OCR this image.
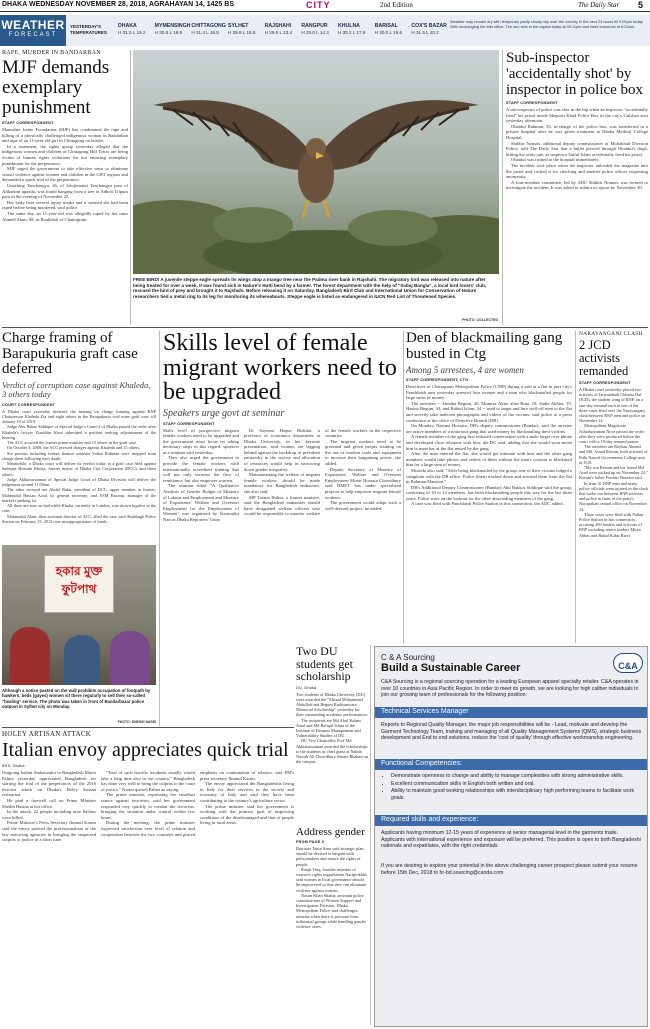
DHAKA WEDNESDAY NOVEMBER 28, 2018, AGRAHAYAN 14, 1425 BS	CITY	2nd Edition	The Daily Star 5
WEATHER
FORECAST
YESTERDAY'S TEMPERATURES
DHAKA
H 31.5 L 19.2
MYMENSINGH
H 30.8 L 16.6
CHITTAGONG
H 31.4 L 18.5
SYLHET
H 29.8 L 15.5
RAJSHAHI
H 29.5 L 13.4
RANGPUR
H 29.0 L 14.3
KHULNA
H 30.2 L 17.9
BARISAL
H 30.0 L 16.6
COX'S BAZAR
H 31.5 L 20.2
Weather may remain dry with temporary partly cloudy sky over the country in the next 24 hours till 9.00pm today. With unchanging the Met office. The sun sets in the capital today at 05:11pm and rises tomorrow at 6:22am.
RAPE, MURDER IN BANDARBAN
MJF demands exemplary punishment
STAFF CORRESPONDENT

Manusher Jonno Foundation (MJF) has condemned the rape and killing of a physically challenged indigenous woman in Bandarban and rape of an 11-year-old girl in Chittagong on border.

In a statement, the rights group yesterday alleged that the indigenous women and children of Chittagong Hill Tracts are being victim of human rights violations for not ensuring exemplary punishment for the perpetrators.

MJF urged the government to take effective steps to eliminate sexual violence against women and children in the CHT regions and demanded a quick trial of the perpetrators.

Unaching Tanchangya, 26, of Jolojimonni Tanchangya para of Alikadom upazila, was found hanging from a tree in Adhoti Tripura para in the evening of November 25.

Her body bore several injury marks and it seemed she had been raped before being murdered, said police.

The same day, an 11-year-old was allegedly raped by her tutor Ahmed Alam, 68, in Boalkhali of Chattogram.

FREE BIRD! A juvenile steppe eagle spreads its wings atop a mango tree near the Padma river bank in Rajshahi. The migratory bird was released into nature after being treated for over a week. It was found sick in Nature's Hutti bend by a farmer. The forest department with the help of "Sabuj Bangla", a local bird lovers' club, rescued the bird of prey and brought it to Rajshahi. Before releasing it on Saturday, Bangladesh Bird Club and International Union for Conservation of Nature researchers tied a metal ring to its leg for monitoring its whereabouts. Steppe eagle is listed as endangered in IUCN Red List of Threatened Species.
PHOTO: COLLECTED
Sub-inspector 'accidentally shot' by inspector in police box
STAFF CORRESPONDENT

A sub-inspector of police was shot in the hip when an inspector "accidentally fired" his pistol inside Sheporit Khad Police Box in the city's Gulshan area yesterday afternoon.

Obaidul Rahman, 35, in-charge of the police box, was transferred to a private hospital after he was given treatment at Dhaka Medical College Hospital.

Shibbir Noman, additional deputy commissioner of Mohakhali Division Police, told The Daily Star that a bullet pierced through Obaidul's thigh, hitting the other one, as inspector Saiful Islam accidentally fired his pistol.

Obaidul was rushed to the hospital immediately.

The incident took place when the inspector unloaded the magazine into the pistol and cocked it for checking and another police officer requesting anonymity.

A four-member committee, led by ADC Shibbir Noman, was formed to investigate the incident. It was asked to submit its report by November 30.

Charge framing of Barapukuria graft case deferred
Verdict of corruption case against Khaleda, 3 others today
COURT CORRESPONDENT

A Dhaka court yesterday deferred the hearing on charge framing against BNP Chairperson Khaleda Zia and eight others in the Barapukuria coal mine graft case, till January 10 of 2019.

Judge Abu Bakar Siddique of Special Judge's Court-2 of Dhaka passed the order after Khaleda's lawyer Ziauddin Jilani submitted a petition seeking adjournment of the hearing.

The ACC accused the former prime minister and 15 others in the graft case.

On October 5, 2008, the ACC pressed charges against Khaleda and 15 others.

Six persons including former finance minister Saifur Rahman were dropped from charge sheet following their death.

Meanwhile, a Dhaka court will deliver its verdict today in a graft case filed against Sadeque Hossain Khoka, former mayor of Dhaka City Corporation (DCC), and three others.

Judge Akhtaruzzaman of Special Judge Court of Dhaka Division will deliver the judgement around 11:00am.

The other accused are Abdul Bakir, president of DCC, upper member in former; Mahmudul Hassan Azad, its general secretary; and ASM Enamur, manager of the market's parking lot.

All three are now on bail while Khoka, currently in London, was shown fugitive in the case.

Mahmudul Alam, then assistant director of ACC, filed the case with Shahbagh Police Station on February 15, 2012 over misappropriation of funds.

হকার মুক্ত ফুটপাথ
Although a notice pasted on the wall prohibits occupation of footpath by hawkers, beds (gayes) women sit there regularly to sell their so-called "healing" service. The photo was taken in front of Bandarbazar police outpost in Sylhet city on Monday.
PHOTO: SHEIKH NASIR
Skills level of female migrant workers need to be upgraded
Speakers urge govt at seminar
STAFF CORRESPONDENT

Skills level of prospective migrant female workers need to be upgraded and the government must focus on taking necessary steps in this regard, speakers at a seminar said yesterday.

They also urged the government to provide the female workers with internationally accredited training that will not only increase the flow of remittance, but also empower women.

The seminar titled "A Qualitative Analysis of Gender Budget of Ministry of Labour and Employment and Ministry of Expatriates' Welfare and Overseas Employment for the Employment of Women" was organised by Karmojibi Nari at Dhaka Reporters' Unity.

Dr Sayema Haque Bidisha, a professor of economics department at Dhaka University, in her keynote presentation, said women are lagging behind against the backdrop of prevalent patriarchy in the society and allocation of resources would help in narrowing down gender inequality.

Mainstreaming the welfare of migrant female workers should be made mandatory for Bangladesh embassies, she also said.

MP Tarana Halim, a former minister, said the Bangladesh embassies should have designated welfare officers who would be responsible to monitor welfare of the female workers in the respective countries.

The migrant workers need to be groomed and given proper training on the use of modern tools and equipment to increase their bargaining power, she added.

Deputy Secretary of Ministry of Expatriates' Welfare and Overseas Employment Monir Hossain Chowdhury said BMET has under specialized projects to help empower migrant female workers.

The government would adopt such a well-devised project, he added.

Two DU students get scholarship
DU, Dhaka

Two students of Dhaka University (DU) were awarded the "Mrinal Mohammad Abdullah and Begum Radiyanwara Memorial Scholarship" yesterday for their outstanding academic performances.

The recipients are Md Abul Kalam Azad and Md Rafiqul Islam of the Institute of Disaster Management and Vulnerability Studies of DU.

DU Vice Chancellor Prof Md Akhtaruzzaman awarded the scholarships to the students as chief guest at Nabab Nawab Ali Chowdhury Senate Bhaban on the campus.

Address gender
FROM PAGE 3

Barrister Tania Amir said strategic plan should be devised to bargain with policymakers and ensure the rights of people.

Ranjit Ting, founder member of women's rights organisation Nariprokkho said women in local governance should be empowered so that they can eliminate violence against women.

Nasim Khan Shaiba, assistant police commissioner of Women Support and Investigation Division, Dhaka Metropolitan Police said challenges remains when there is pressure from influential groups while handling gender violence cases.

Den of blackmailing gang busted in Ctg
Among 5 arrestees, 4 are women
STAFF CORRESPONDENT, CTG

Detectives of Chattogram Metropolitan Police (CMP) during a raid at a flat in port city's Panchlaish area yesterday arrested four women and a man who blackmailed people for large sums of money.

The arrestees -- Jainaba Begum, 20, Mumtaz Akter alias Ruta, 18, Sadia Akhter, 19, Hasina Begum, 34, and Rabiul Islam, 34 -- used to target and lure well-off men to the flat and secretly take indecent photographs and videos of the victims, said police at a press conference at the office of Detective Branch (DB).

On Monday, Nasima Hossain, DB's deputy commissioner (Bandar), said the arrestee are active members of a notorious gang that used money by blackmailing their victims.

A female member of the gang first initiated conversation with a male target over phone and developed close relations with him, the DC said, adding that she would soon invite him to meet her at the flat rented by the gang.

After the man entered the flat, she would get intimate with him and the other gang members would take photos and videos of them without the man's consent to blackmail him for a large sum of money.

Mostafa also said, "After being blackmailed by the group, one of their victims lodged a complaint with the DB office. Police (then) tracked down and arrested them from the flat in Rahman Mansion."

DB's Additional Deputy Commissioner (Bandar) Abu Bakkar Siddique said the group, consisting of 10 to 12 members, has been blackmailing people this way for the last three years. Police were on the lookout for the other absconding members of the gang.

A case was filed with Panchlaish Police Station in this connection, the ADC added.

NARAYANGANJ CLASH
2 JCD activists remanded
STAFF CORRESPONDENT

A Dhaka court yesterday placed two activists of Jatiyatabadi Chhatra Dal (JCD), the student wing of BNP, on a one-day remand each in one of the three cases filed over the Narayanganj clash between BNP men and police on November 14.

Metropolitan Magistrate Ashaduzzaman Noor passed the order after they were produced before the court with a 10-day remand prayer.

The arrestees are Rayhan Ahmed and Md. Asaad Rowan, both activists of Kabi Nazrul Government College unit of JCD.

"My son Rowan and his friend Md Asad were picked up on November 24," Rowan's father Ferdusi Hossain said.

In least 31 BNP men and many police officials were injured in the clash that broke out between BNP activists and police in front of the party's Nayapaltan central office on November 14.

Three cases were filed with Paltan Police Station in this connection, accusing 499 leaders and activists of BNP including senior leaders Mirza Abbas and Ruhul Kabir Rizvi.

C & A Sourcing
Build a Sustainable Career	C&A
C&A Sourcing is a regional sourcing operation for a leading European apparel specialty retailer. C&A operates in over 10 countries in Asia Pacific Region. In order to meet its growth, we are looking for high caliber individuals to join our growing team of professionals for the following position:
Technical Services Manager
Reports to Regional Quality Manager, the major job responsibilities will be - Lead, motivate and develop the Garment Technology Team, training and managing of all Quality Management Systems (QMS), strategic business development and End to end solutions, reduce the 'cost of quality' through effective workmanship engineering.
Functional Competencies:
• Demonstrate openness to change and ability to manage complexities with strong administrative skills.
• Excellent communication skills in English both written and oral.
• Ability to maintain good working relationships with interdisciplinary high performing teams to facilitate work goals.
Required skills and experience:
Applicants having minimum 12-15 years of experience at senior managerial level in the garments trade. Applicants with international experience and exposure will be preferred. This position is open to both Bangladeshi nationals and expatriates, with the right credentials.
If you are desiring to explore your potential in the above challenging career prospect please submit your resume before 15th Dec, 2018 to hr-bd.sourcing@canda.com
HOLEY ARTISAN ATTACK
Italian envoy appreciates quick trial
BSS, Dhaka

Outgoing Italian Ambassador to Bangladesh Mario Palma yesterday appreciated Bangladesh for starting the trial of the perpetrators of the 2016 terrorist attack on Dhaka's Holey Artisan restaurant.

He paid a farewell call on Prime Minister Sheikh Hasina at her office.

In the attack, 22 people including nine Italians were killed.

Prime Minister's Press Secretary Ihsanul Karim said the envoy praised the professionalism of the law enforcing agencies in bringing the suspected culprits to justice in a short time.

"Trial of such horrific incidents usually would take a long time also in our country," Bangladesh has done very well to bring the culprits to the court of justice," Karim quoted Palma as saying.

The prime minister, expressing her steadfast stance against terrorism, said her government responded very quickly to combat the terrorists, bringing the situation under control within few hours.

During the meeting, the prime minister expressed satisfaction over level of relation and cooperation between the two countries and placed emphasis on continuation of relation, said PM's press secretary Ihsanul Karim.

The envoy appreciated the Bangladeshis living in Italy for their services in the society and economy of Italy and said they have been contributing to the country's agriculture sector.

The prime minister said her government is working with the primary goal of improving conditions of the disadvantaged and that of people living in rural areas.
